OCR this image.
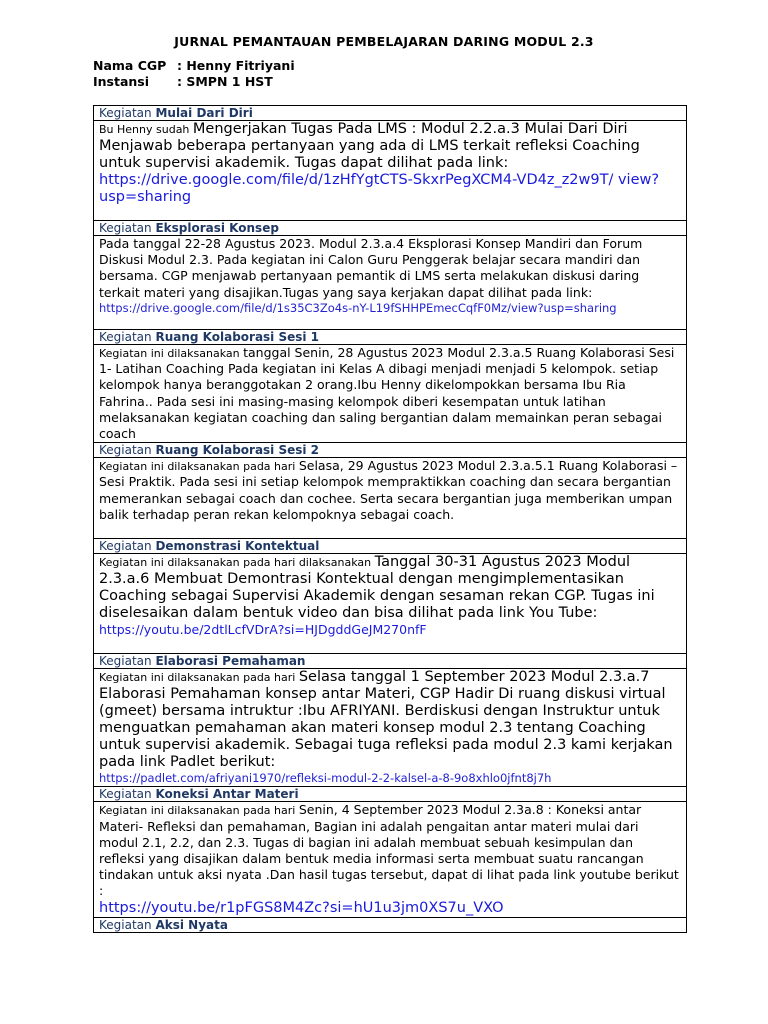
JURNAL PEMANTAUAN PEMBELAJARAN DARING MODUL 2.3
Nama CGP : Henny Fitriyani
Instansi : SMPN 1 HST
Kegiatan Mulai Dari Diri
Bu Henny sudah Mengerjakan Tugas Pada LMS : Modul 2.2.a.3 Mulai Dari Diri Menjawab beberapa pertanyaan yang ada di LMS terkait refleksi Coaching untuk supervisi akademik. Tugas dapat dilihat pada link:
https://drive.google.com/file/d/1zHfYgtCTS-SkxrPegXCM4-VD4z_z2w9T/ view?usp=sharing

Kegiatan Eksplorasi Konsep
Pada tanggal 22-28 Agustus 2023. Modul 2.3.a.4 Eksplorasi Konsep Mandiri dan Forum Diskusi Modul 2.3. Pada kegiatan ini Calon Guru Penggerak belajar secara mandiri dan bersama. CGP menjawab pertanyaan pemantik di LMS serta melakukan diskusi daring terkait materi yang disajikan.Tugas yang saya kerjakan dapat dilihat pada link:
https://drive.google.com/file/d/1s35C3Zo4s-nY-L19fSHHPEmecCqfF0Mz/view?usp=sharing

Kegiatan Ruang Kolaborasi Sesi 1
Kegiatan ini dilaksanakan tanggal Senin, 28 Agustus 2023 Modul 2.3.a.5 Ruang Kolaborasi Sesi 1- Latihan Coaching Pada kegiatan ini Kelas A dibagi menjadi menjadi 5 kelompok. setiap kelompok hanya beranggotakan 2 orang.Ibu Henny dikelompokkan bersama Ibu Ria Fahrina.. Pada sesi ini masing-masing kelompok diberi kesempatan untuk latihan melaksanakan kegiatan coaching dan saling bergantian dalam memainkan peran sebagai coach
Kegiatan Ruang Kolaborasi Sesi 2
Kegiatan ini dilaksanakan pada hari Selasa, 29 Agustus 2023 Modul 2.3.a.5.1 Ruang Kolaborasi – Sesi Praktik. Pada sesi ini setiap kelompok mempraktikkan coaching dan secara bergantian memerankan sebagai coach dan cochee. Serta secara bergantian juga memberikan umpan balik terhadap peran rekan kelompoknya sebagai coach.
Kegiatan Demonstrasi Kontektual
Kegiatan ini dilaksanakan pada hari dilaksanakan Tanggal 30-31 Agustus 2023 Modul 2.3.a.6 Membuat Demontrasi Kontektual dengan mengimplementasikan Coaching sebagai Supervisi Akademik dengan sesaman rekan CGP. Tugas ini diselesaikan dalam bentuk video dan bisa dilihat pada link You Tube: https://youtu.be/2dtlLcfVDrA?si=HJDgddGeJM270nfF
Kegiatan Elaborasi Pemahaman
Kegiatan ini dilaksanakan pada hari Selasa tanggal 1 September 2023 Modul 2.3.a.7 Elaborasi Pemahaman konsep antar Materi, CGP Hadir Di ruang diskusi virtual (gmeet) bersama intruktur :Ibu AFRIYANI. Berdiskusi dengan Instruktur untuk menguatkan pemahaman akan materi konsep modul 2.3 tentang Coaching untuk supervisi akademik. Sebagai tuga refleksi pada modul 2.3 kami kerjakan pada link Padlet berikut:
https://padlet.com/afriyani1970/refleksi-modul-2-2-kalsel-a-8-9o8xhlo0jfnt8j7h

Kegiatan Koneksi Antar Materi
Kegiatan ini dilaksanakan pada hari Senin, 4 September 2023 Modul 2.3a.8 : Koneksi antar Materi- Refleksi dan pemahaman, Bagian ini adalah pengaitan antar materi mulai dari modul 2.1, 2.2, dan 2.3. Tugas di bagian ini adalah membuat sebuah kesimpulan dan refleksi yang disajikan dalam bentuk media informasi serta membuat suatu rancangan tindakan untuk aksi nyata .Dan hasil tugas tersebut, dapat di lihat pada link youtube berikut :
https://youtu.be/r1pFGS8M4Zc?si=hU1u3jm0XS7u_VXO

Kegiatan Aksi Nyata
